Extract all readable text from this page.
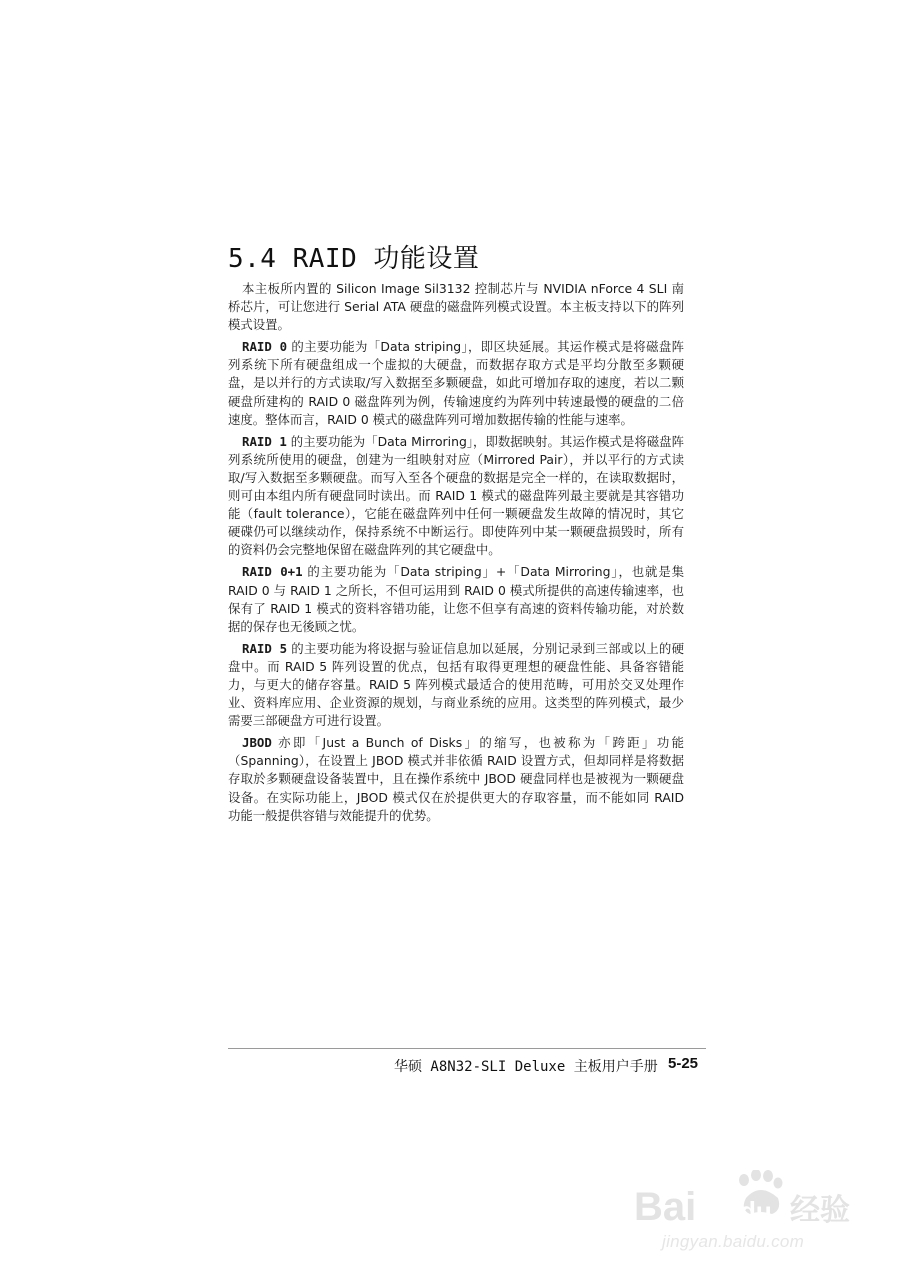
5.4 RAID 功能设置

本主板所内置的 Silicon Image Sil3132 控制芯片与 NVIDIA nForce 4 SLI 南桥芯片，可让您进行 Serial ATA 硬盘的磁盘阵列模式设置。本主板支持以下的阵列模式设置。

RAID 0 的主要功能为「Data striping」，即区块延展。其运作模式是将磁盘阵列系统下所有硬盘组成一个虚拟的大硬盘，而数据存取方式是平均分散至多颗硬盘，是以并行的方式读取/写入数据至多颗硬盘，如此可增加存取的速度，若以二颗硬盘所建构的 RAID 0 磁盘阵列为例，传输速度约为阵列中转速最慢的硬盘的二倍速度。整体而言，RAID 0 模式的磁盘阵列可增加数据传输的性能与速率。

RAID 1 的主要功能为「Data Mirroring」，即数据映射。其运作模式是将磁盘阵列系统所使用的硬盘，创建为一组映射对应（Mirrored Pair），并以平行的方式读取/写入数据至多颗硬盘。而写入至各个硬盘的数据是完全一样的，在读取数据时，则可由本组内所有硬盘同时读出。而 RAID 1 模式的磁盘阵列最主要就是其容错功能（fault tolerance），它能在磁盘阵列中任何一颗硬盘发生故障的情况时，其它硬碟仍可以继续动作，保持系统不中断运行。即使阵列中某一颗硬盘损毁时，所有的资料仍会完整地保留在磁盘阵列的其它硬盘中。

RAID 0+1 的主要功能为「Data striping」+「Data Mirroring」，也就是集 RAID 0 与 RAID 1 之所长，不但可运用到 RAID 0 模式所提供的高速传输速率，也保有了 RAID 1 模式的资料容错功能，让您不但享有高速的资料传输功能，对於数据的保存也无後顾之忧。

RAID 5 的主要功能为将设据与验证信息加以延展，分别记录到三部或以上的硬盘中。而 RAID 5 阵列设置的优点，包括有取得更理想的硬盘性能、具备容错能力，与更大的储存容量。RAID 5 阵列模式最适合的使用范畴，可用於交叉处理作业、资料库应用、企业资源的规划，与商业系统的应用。这类型的阵列模式，最少需要三部硬盘方可进行设置。

JBOD 亦即「Just a Bunch of Disks」的缩写，也被称为「跨距」功能（Spanning），在设置上 JBOD 模式并非依循 RAID 设置方式，但却同样是将数据存取於多颗硬盘设备装置中，且在操作系统中 JBOD 硬盘同样也是被视为一颗硬盘设备。在实际功能上，JBOD 模式仅在於提供更大的存取容量，而不能如同 RAID 功能一般提供容错与效能提升的优势。

华硕 A8N32-SLI Deluxe 主板用户手册 5-25
Bai du 经验
jingyan.baidu.com
